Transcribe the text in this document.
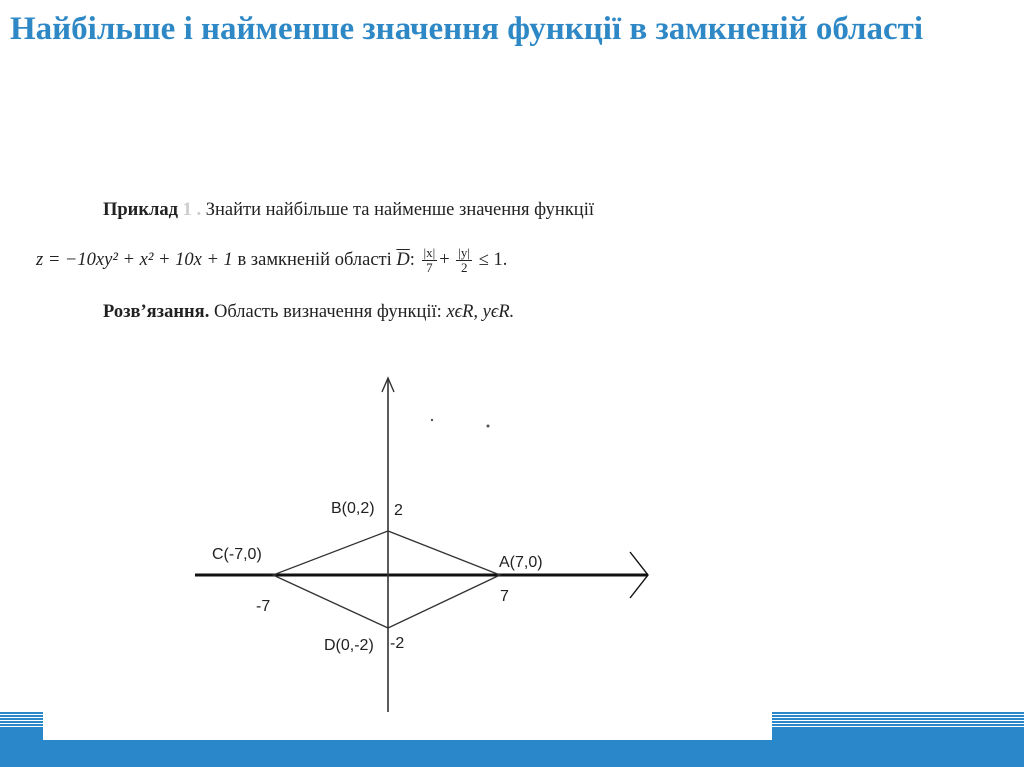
Найбільше і найменше значення функції в замкненій області
Приклад 1 . Знайти найбільше та найменше значення функції
z = −10xy² + x² + 10x + 1 в замкненій області $\overline{D}$: $\frac{|x|}{7} + \frac{|y|}{2} \le 1$.
Розв’язання. Область визначення функції: xϵR, yϵR.
B(0,2)
C(-7,0)	A(7,0)
D(0,-2)
2
7
-7
-2
